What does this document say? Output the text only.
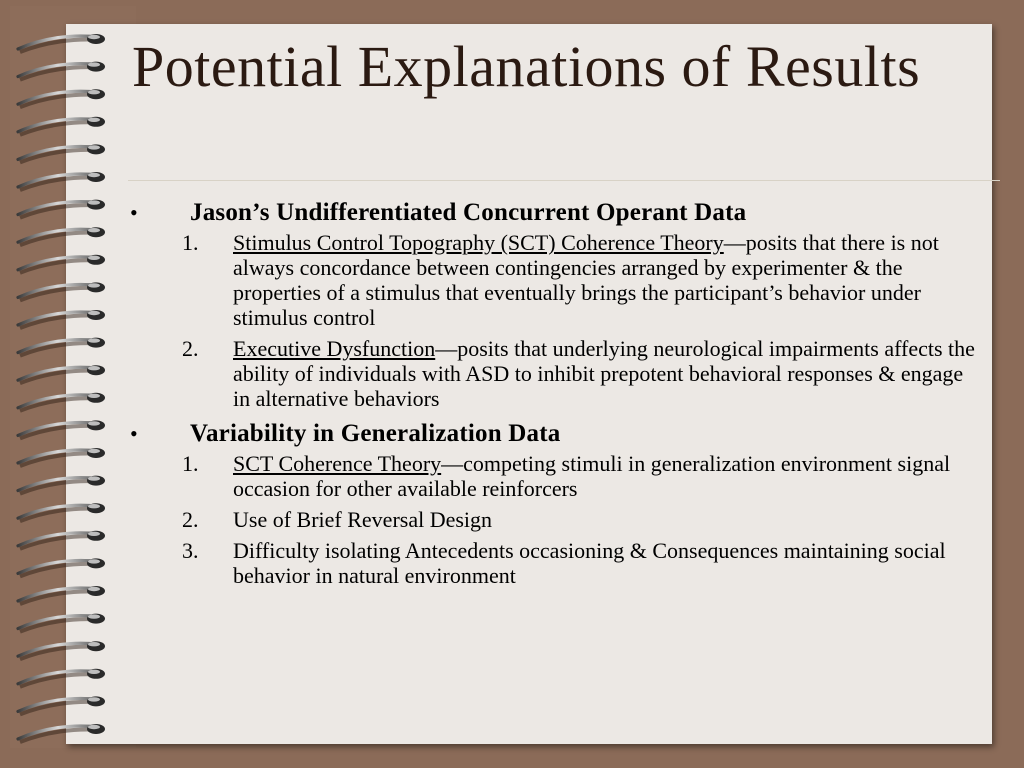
Potential Explanations of Results
• Jason’s Undifferentiated Concurrent Operant Data
1. Stimulus Control Topography (SCT) Coherence Theory—posits that there is not always concordance between contingencies arranged by experimenter & the properties of a stimulus that eventually brings the participant’s behavior under stimulus control
2. Executive Dysfunction—posits that underlying neurological impairments affects the ability of individuals with ASD to inhibit prepotent behavioral responses & engage in alternative behaviors
• Variability in Generalization Data
1. SCT Coherence Theory—competing stimuli in generalization environment signal occasion for other available reinforcers
2. Use of Brief Reversal Design
3. Difficulty isolating Antecedents occasioning & Consequences maintaining social behavior in natural environment
